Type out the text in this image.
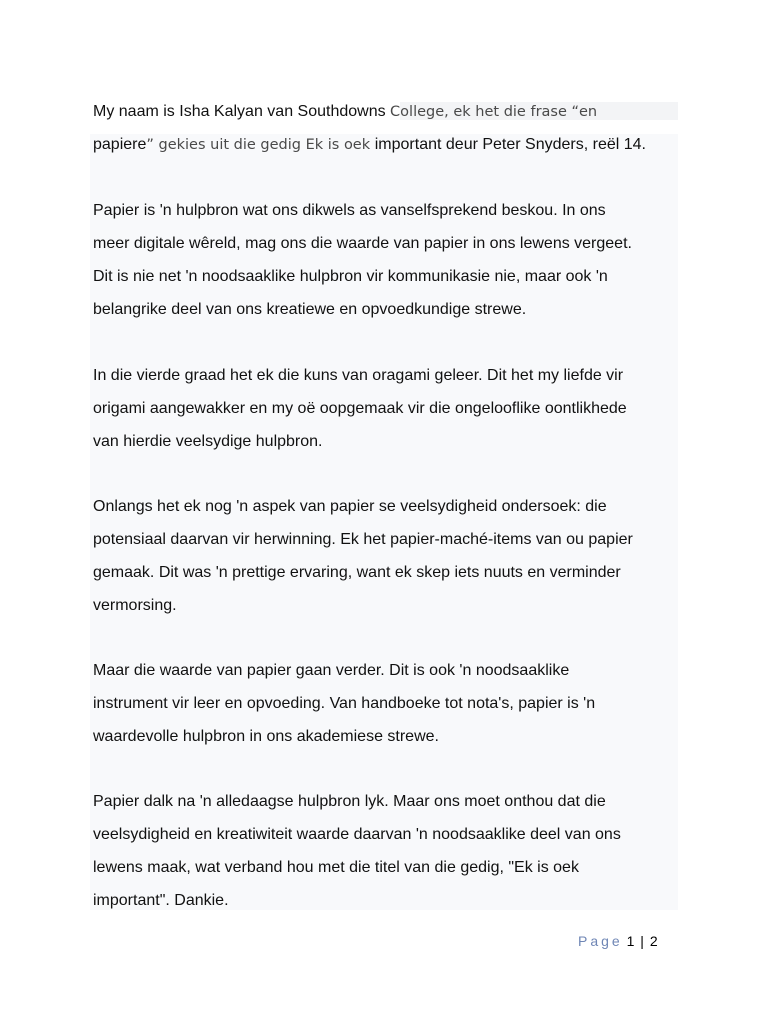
My naam is Isha Kalyan van Southdowns College, ek het die frase “en
papiere” gekies uit die gedig Ek is oek important deur Peter Snyders, reël 14.

Papier is 'n hulpbron wat ons dikwels as vanselfsprekend beskou. In ons
meer digitale wêreld, mag ons die waarde van papier in ons lewens vergeet.
Dit is nie net 'n noodsaaklike hulpbron vir kommunikasie nie, maar ook 'n
belangrike deel van ons kreatiewe en opvoedkundige strewe.

In die vierde graad het ek die kuns van oragami geleer. Dit het my liefde vir
origami aangewakker en my oë oopgemaak vir die ongelooflike oontlikhede
van hierdie veelsydige hulpbron.

Onlangs het ek nog 'n aspek van papier se veelsydigheid ondersoek: die
potensiaal daarvan vir herwinning. Ek het papier-maché-items van ou papier
gemaak. Dit was 'n prettige ervaring, want ek skep iets nuuts en verminder
vermorsing.

Maar die waarde van papier gaan verder. Dit is ook 'n noodsaaklike
instrument vir leer en opvoeding. Van handboeke tot nota's, papier is 'n
waardevolle hulpbron in ons akademiese strewe.

Papier dalk na 'n alledaagse hulpbron lyk. Maar ons moet onthou dat die
veelsydigheid en kreatiwiteit waarde daarvan 'n noodsaaklike deel van ons
lewens maak, wat verband hou met die titel van die gedig, "Ek is oek
important". Dankie.

Page 1 | 2
